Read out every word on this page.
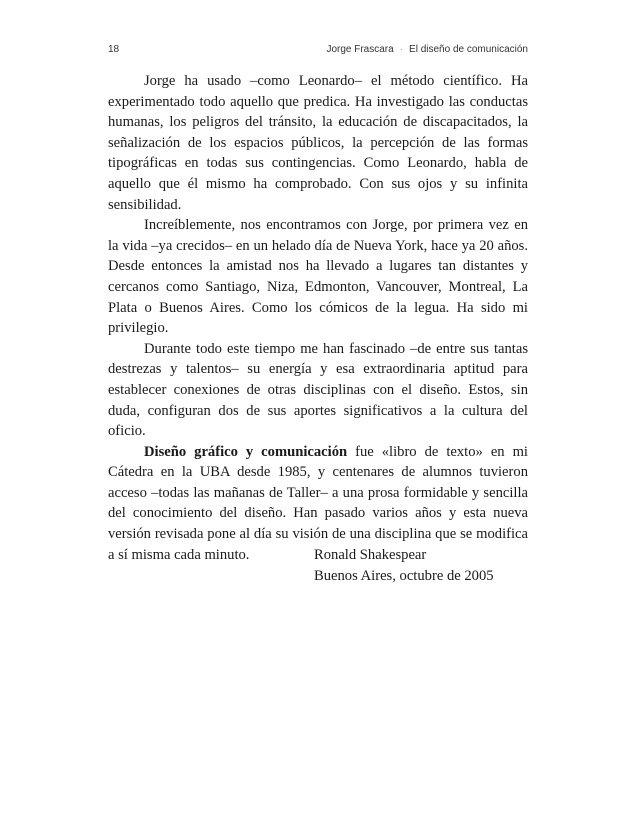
18	Jorge Frascara · El diseño de comunicación

Jorge ha usado –como Leonardo– el método científico. Ha experimentado todo aquello que predica. Ha investigado las conductas humanas, los peligros del tránsito, la educación de discapacitados, la señalización de los espacios públicos, la percepción de las formas tipográficas en todas sus contingencias. Como Leonardo, habla de aquello que él mismo ha comprobado. Con sus ojos y su infinita sensibilidad.

Increíblemente, nos encontramos con Jorge, por primera vez en la vida –ya crecidos– en un helado día de Nueva York, hace ya 20 años. Desde entonces la amistad nos ha llevado a lugares tan distantes y cercanos como Santiago, Niza, Edmonton, Vancouver, Montreal, La Plata o Buenos Aires. Como los cómicos de la legua. Ha sido mi privilegio.

Durante todo este tiempo me han fascinado –de entre sus tantas destrezas y talentos– su energía y esa extraordinaria aptitud para establecer conexiones de otras disciplinas con el diseño. Estos, sin duda, configuran dos de sus aportes significativos a la cultura del oficio.

Diseño gráfico y comunicación fue «libro de texto» en mi Cátedra en la UBA desde 1985, y centenares de alumnos tuvieron acceso –todas las mañanas de Taller– a una prosa formidable y sencilla del conocimiento del diseño. Han pasado varios años y esta nueva versión revisada pone al día su visión de una disciplina que se modifica a sí misma cada minuto.	Ronald Shakespear
Buenos Aires, octubre de 2005
